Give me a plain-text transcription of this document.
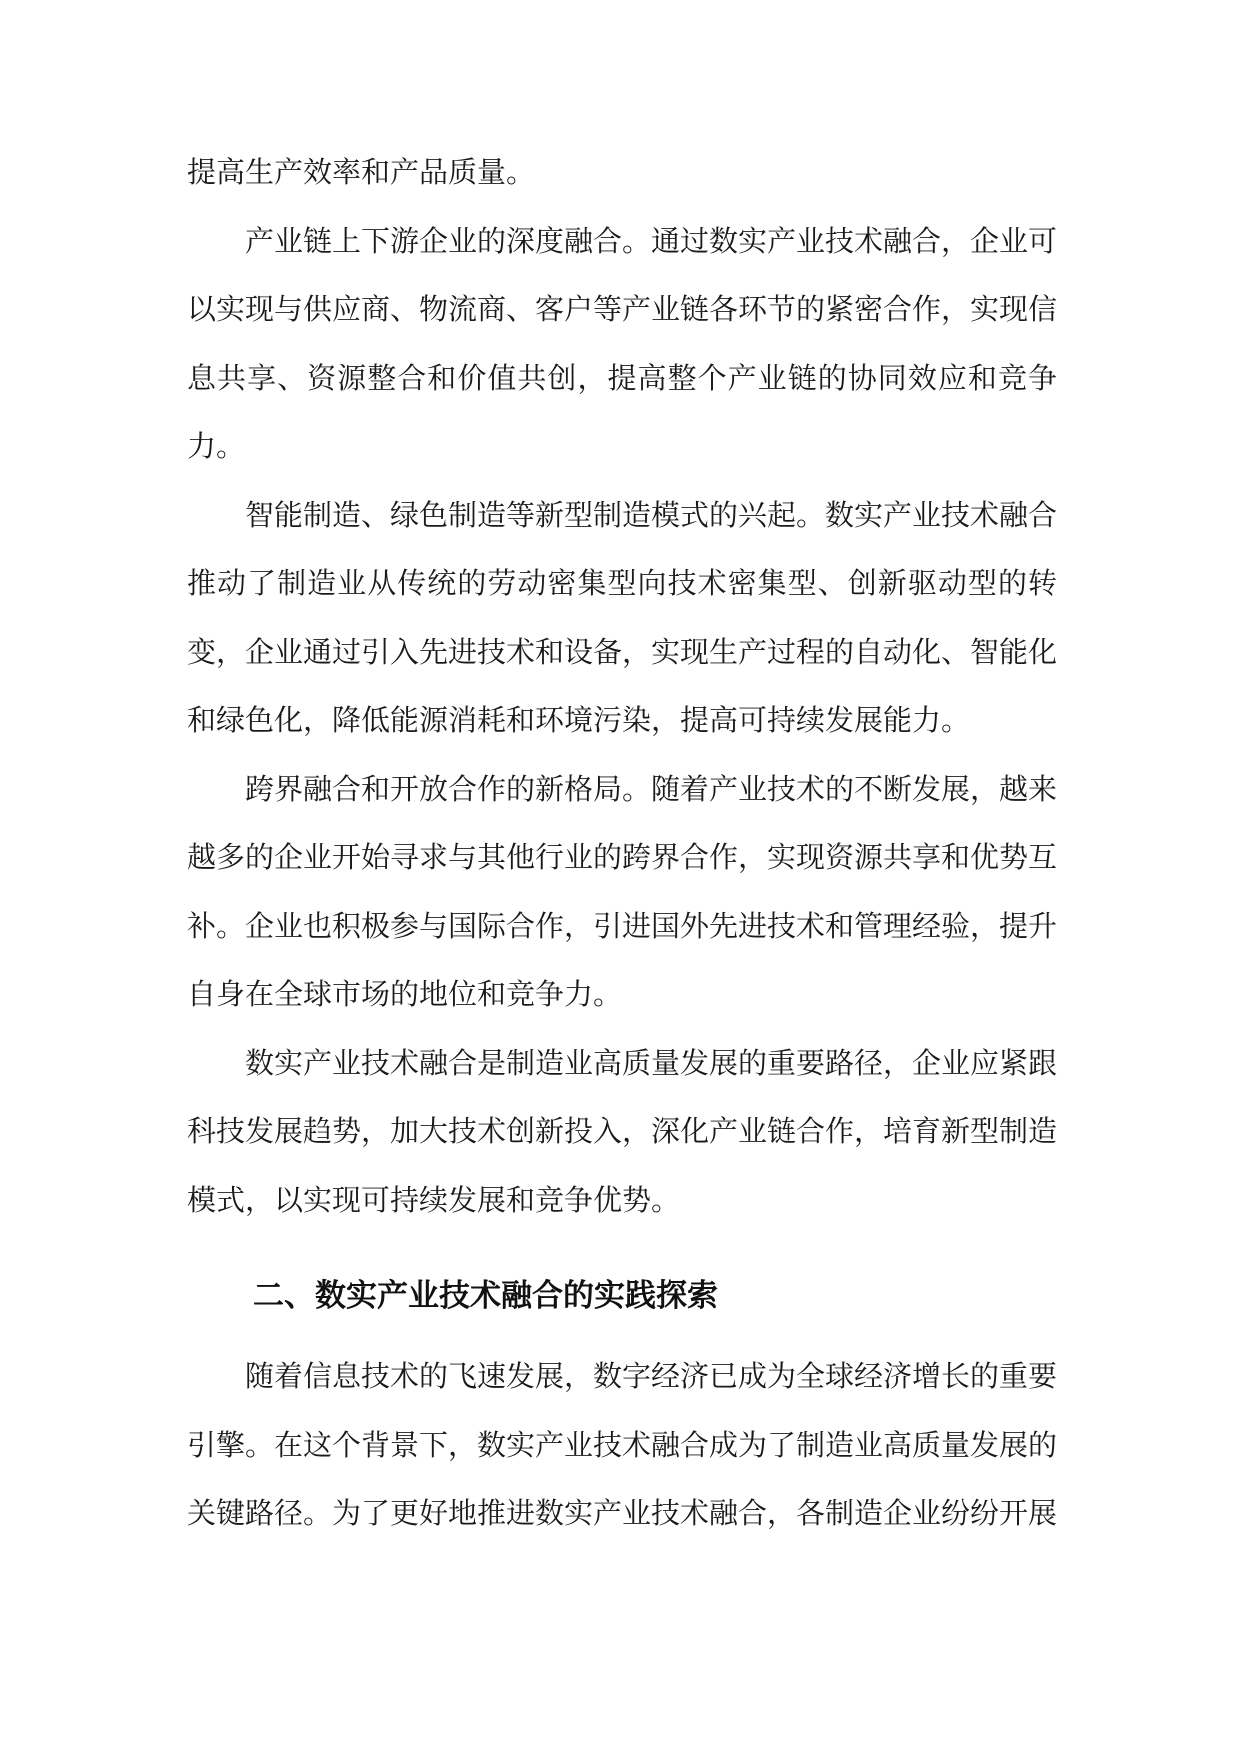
提高生产效率和产品质量。

产业链上下游企业的深度融合。通过数实产业技术融合，企业可以实现与供应商、物流商、客户等产业链各环节的紧密合作，实现信息共享、资源整合和价值共创，提高整个产业链的协同效应和竞争力。

智能制造、绿色制造等新型制造模式的兴起。数实产业技术融合推动了制造业从传统的劳动密集型向技术密集型、创新驱动型的转变，企业通过引入先进技术和设备，实现生产过程的自动化、智能化和绿色化，降低能源消耗和环境污染，提高可持续发展能力。

跨界融合和开放合作的新格局。随着产业技术的不断发展，越来越多的企业开始寻求与其他行业的跨界合作，实现资源共享和优势互补。企业也积极参与国际合作，引进国外先进技术和管理经验，提升自身在全球市场的地位和竞争力。

数实产业技术融合是制造业高质量发展的重要路径，企业应紧跟科技发展趋势，加大技术创新投入，深化产业链合作，培育新型制造模式，以实现可持续发展和竞争优势。

二、数实产业技术融合的实践探索

随着信息技术的飞速发展，数字经济已成为全球经济增长的重要引擎。在这个背景下，数实产业技术融合成为了制造业高质量发展的关键路径。为了更好地推进数实产业技术融合，各制造企业纷纷开展
